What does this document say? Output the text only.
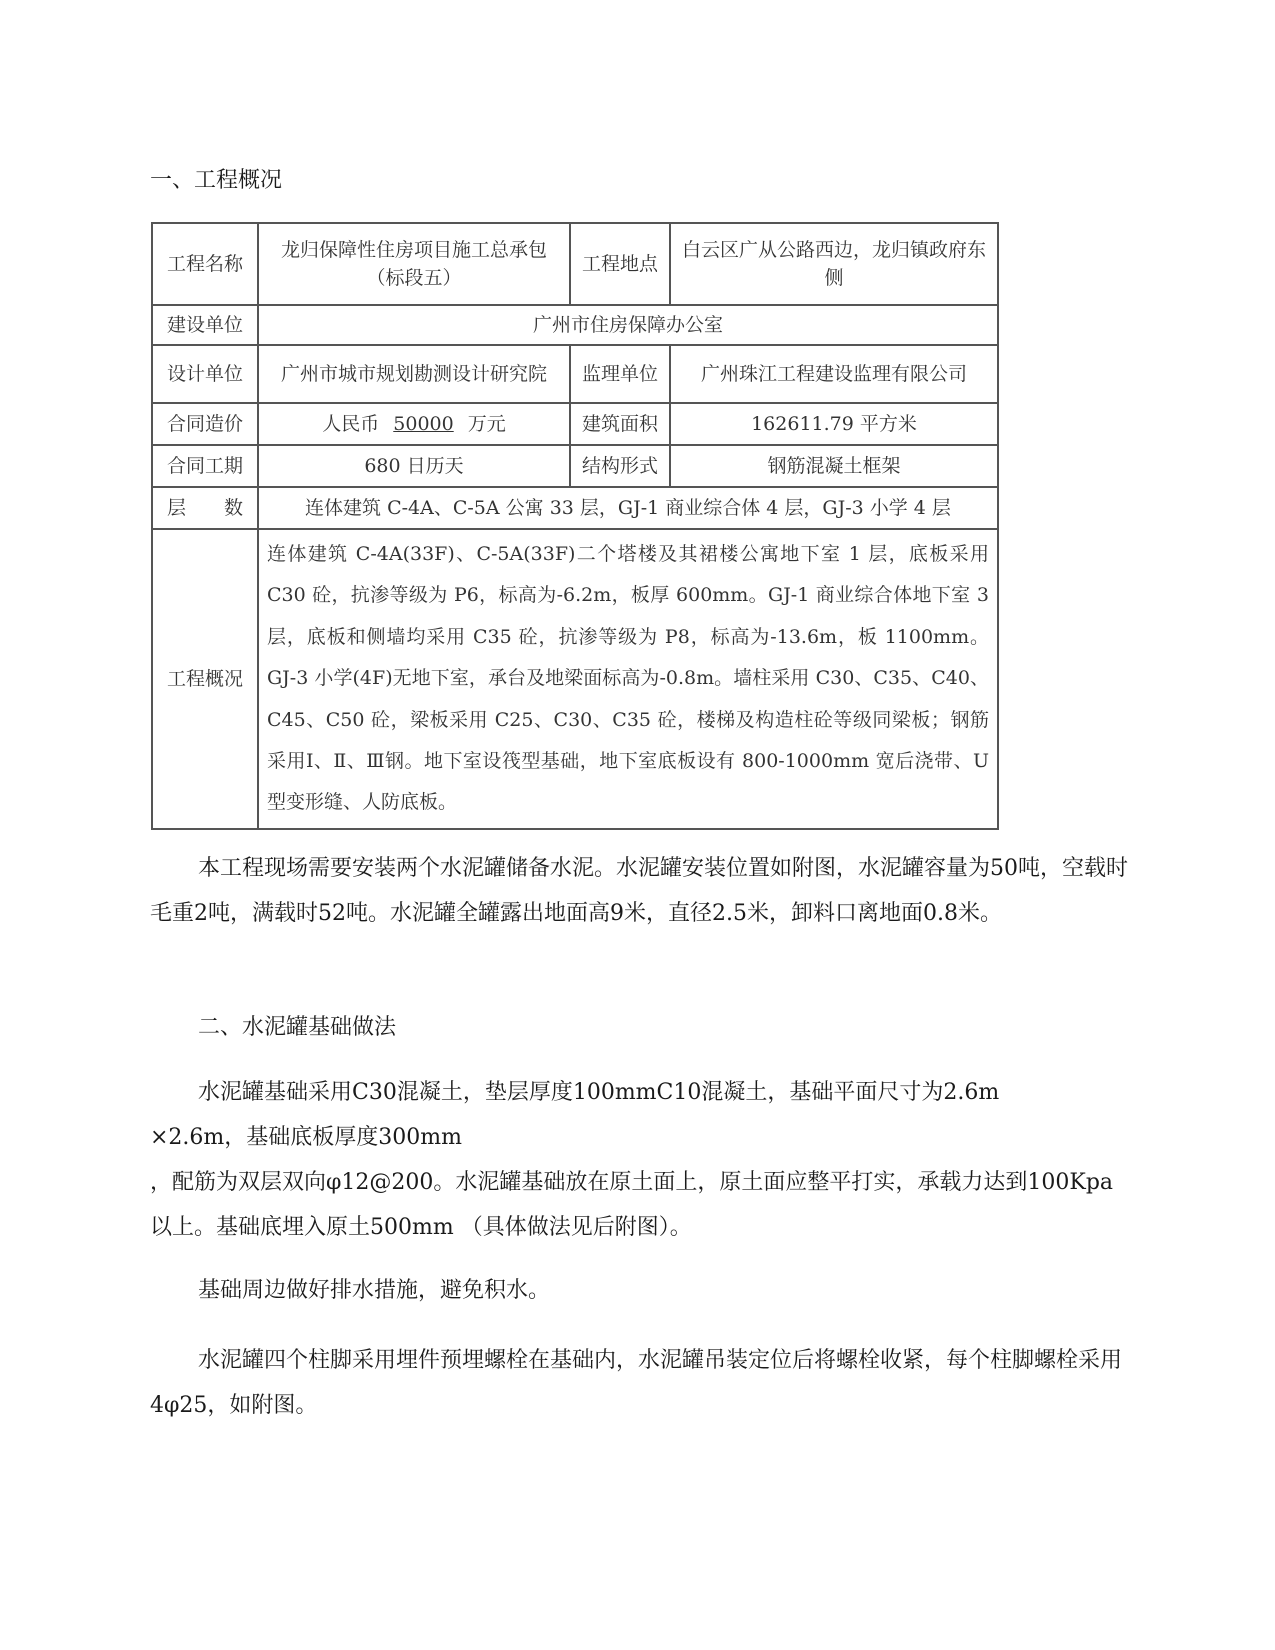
一、工程概况
工程名称	龙归保障性住房项目施工总承包（标段五）	工程地点	白云区广从公路西边，龙归镇政府东侧
建设单位	广州市住房保障办公室		
设计单位	广州市城市规划勘测设计研究院	监理单位	广州珠江工程建设监理有限公司
合同造价	人民币 50000 万元	建筑面积	162611.79 平方米
合同工期	680 日历天	结构形式	钢筋混凝土框架
层　　数	连体建筑 C-4A、C-5A 公寓 33 层，GJ-1 商业综合体 4 层，GJ-3 小学 4 层		
工程概况	连体建筑 C-4A(33F)、C-5A(33F)二个塔楼及其裙楼公寓地下室 1 层，底板采用 C30 砼，抗渗等级为 P6，标高为-6.2m，板厚 600mm。GJ-1 商业综合体地下室 3 层，底板和侧墙均采用 C35 砼，抗渗等级为 P8，标高为-13.6m，板 1100mm。GJ-3 小学(4F)无地下室，承台及地梁面标高为-0.8m。墙柱采用 C30、C35、C40、C45、C50 砼，梁板采用 C25、C30、C35 砼，楼梯及构造柱砼等级同梁板；钢筋采用Ⅰ、Ⅱ、Ⅲ钢。地下室设筏型基础，地下室底板设有 800-1000mm 宽后浇带、U 型变形缝、人防底板。		
本工程现场需要安装两个水泥罐储备水泥。水泥罐安装位置如附图，水泥罐容量为50吨，空载时毛重2吨，满载时52吨。水泥罐全罐露出地面高9米，直径2.5米，卸料口离地面0.8米。
二、水泥罐基础做法
水泥罐基础采用C30混凝土，垫层厚度100mmC10混凝土，基础平面尺寸为2.6m
×2.6m，基础底板厚度300mm
，配筋为双层双向φ12@200。水泥罐基础放在原土面上，原土面应整平打实，承载力达到100Kpa 以上。基础底埋入原土500mm （具体做法见后附图）。
基础周边做好排水措施，避免积水。
水泥罐四个柱脚采用埋件预埋螺栓在基础内，水泥罐吊装定位后将螺栓收紧，每个柱脚螺栓采用4φ25，如附图。
